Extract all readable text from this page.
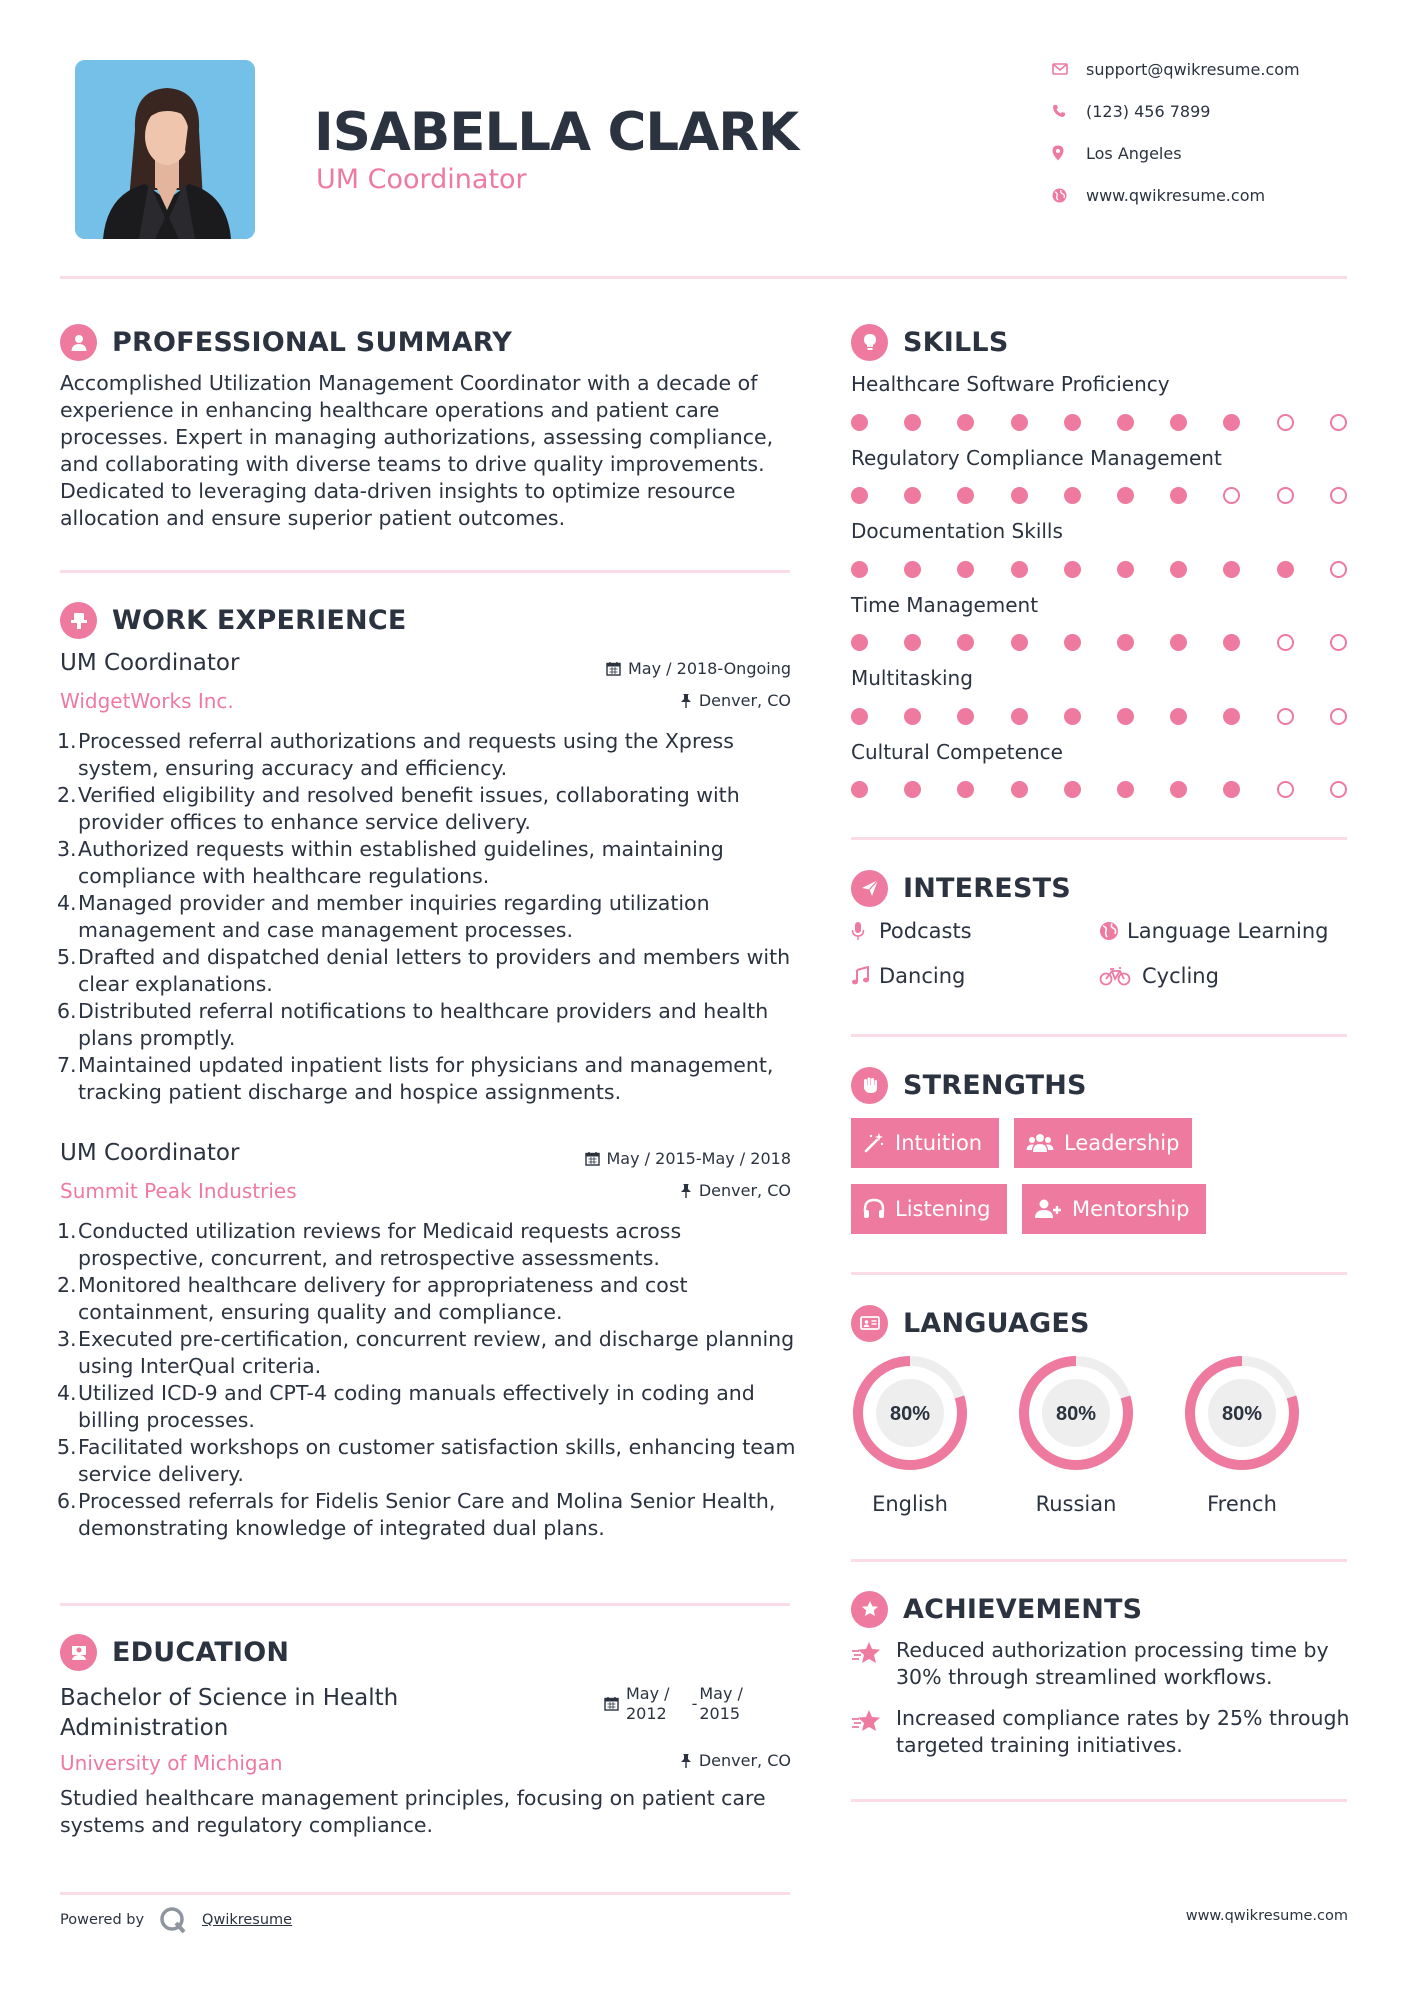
ISABELLA CLARK
UM Coordinator
support@qwikresume.com
(123) 456 7899
Los Angeles
www.qwikresume.com
PROFESSIONAL SUMMARY
Accomplished Utilization Management Coordinator with a decade of experience in enhancing healthcare operations and patient care processes. Expert in managing authorizations, assessing compliance, and collaborating with diverse teams to drive quality improvements. Dedicated to leveraging data-driven insights to optimize resource allocation and ensure superior patient outcomes.
WORK EXPERIENCE
UM Coordinator	May / 2018-Ongoing
WidgetWorks Inc.	Denver, CO
1. Processed referral authorizations and requests using the Xpress system, ensuring accuracy and efficiency.
2. Verified eligibility and resolved benefit issues, collaborating with provider offices to enhance service delivery.
3. Authorized requests within established guidelines, maintaining compliance with healthcare regulations.
4. Managed provider and member inquiries regarding utilization management and case management processes.
5. Drafted and dispatched denial letters to providers and members with clear explanations.
6. Distributed referral notifications to healthcare providers and health plans promptly.
7. Maintained updated inpatient lists for physicians and management, tracking patient discharge and hospice assignments.
UM Coordinator	May / 2015-May / 2018
Summit Peak Industries	Denver, CO
1. Conducted utilization reviews for Medicaid requests across prospective, concurrent, and retrospective assessments.
2. Monitored healthcare delivery for appropriateness and cost containment, ensuring quality and compliance.
3. Executed pre-certification, concurrent review, and discharge planning using InterQual criteria.
4. Utilized ICD-9 and CPT-4 coding manuals effectively in coding and billing processes.
5. Facilitated workshops on customer satisfaction skills, enhancing team service delivery.
6. Processed referrals for Fidelis Senior Care and Molina Senior Health, demonstrating knowledge of integrated dual plans.
EDUCATION
Bachelor of Science in Health
Administration
May /
2012
-
May /
2015
University of Michigan	Denver, CO
Studied healthcare management principles, focusing on patient care systems and regulatory compliance.
Powered by	Qwikresume	www.qwikresume.com
SKILLS
Healthcare Software Proficiency
Regulatory Compliance Management
Documentation Skills
Time Management
Multitasking
Cultural Competence
INTERESTS
Podcasts	Language Learning
Dancing	Cycling
STRENGTHS
Intuition	Leadership
Listening	Mentorship
LANGUAGES
80%
English
80%
Russian
80%
French
ACHIEVEMENTS
Reduced authorization processing time by 30% through streamlined workflows.
Increased compliance rates by 25% through targeted training initiatives.
